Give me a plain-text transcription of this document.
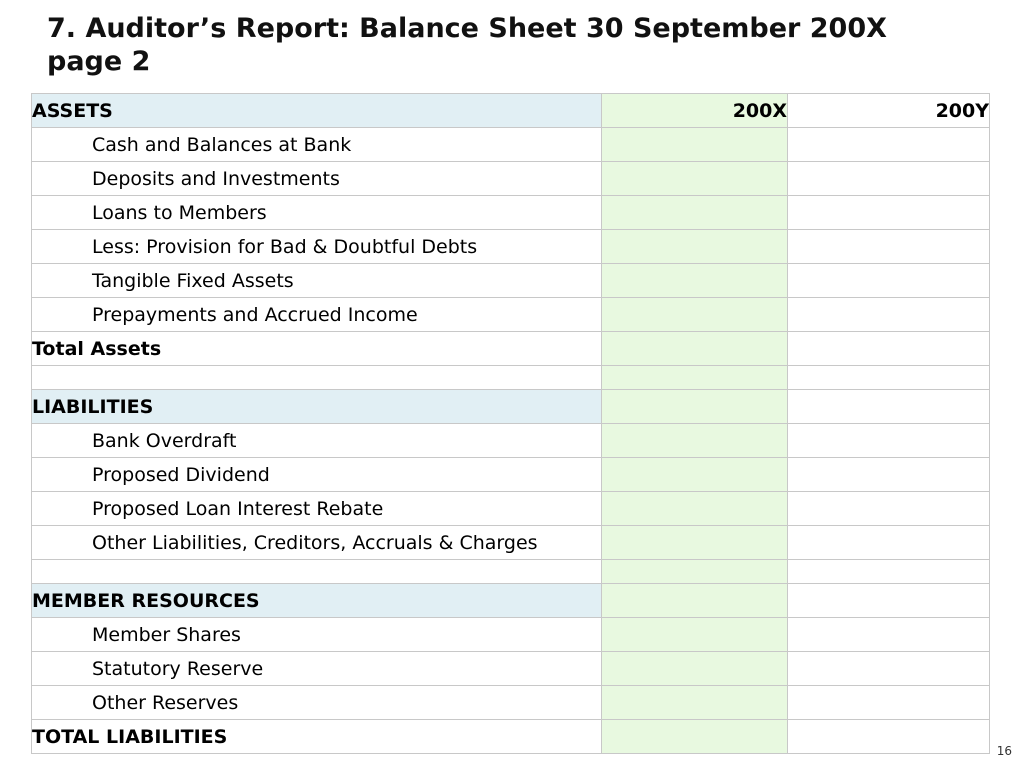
7. Auditor’s Report: Balance Sheet 30 September 200X
page 2
ASSETS	200X	200Y
Cash and Balances at Bank		
Deposits and Investments		
Loans to Members		
Less: Provision for Bad & Doubtful Debts		
Tangible Fixed Assets		
Prepayments and Accrued Income		
Total Assets		

LIABILITIES		
Bank Overdraft		
Proposed Dividend		
Proposed Loan Interest Rebate		
Other Liabilities, Creditors, Accruals & Charges		

MEMBER RESOURCES		
Member Shares		
Statutory Reserve		
Other Reserves		
TOTAL LIABILITIES		
16
